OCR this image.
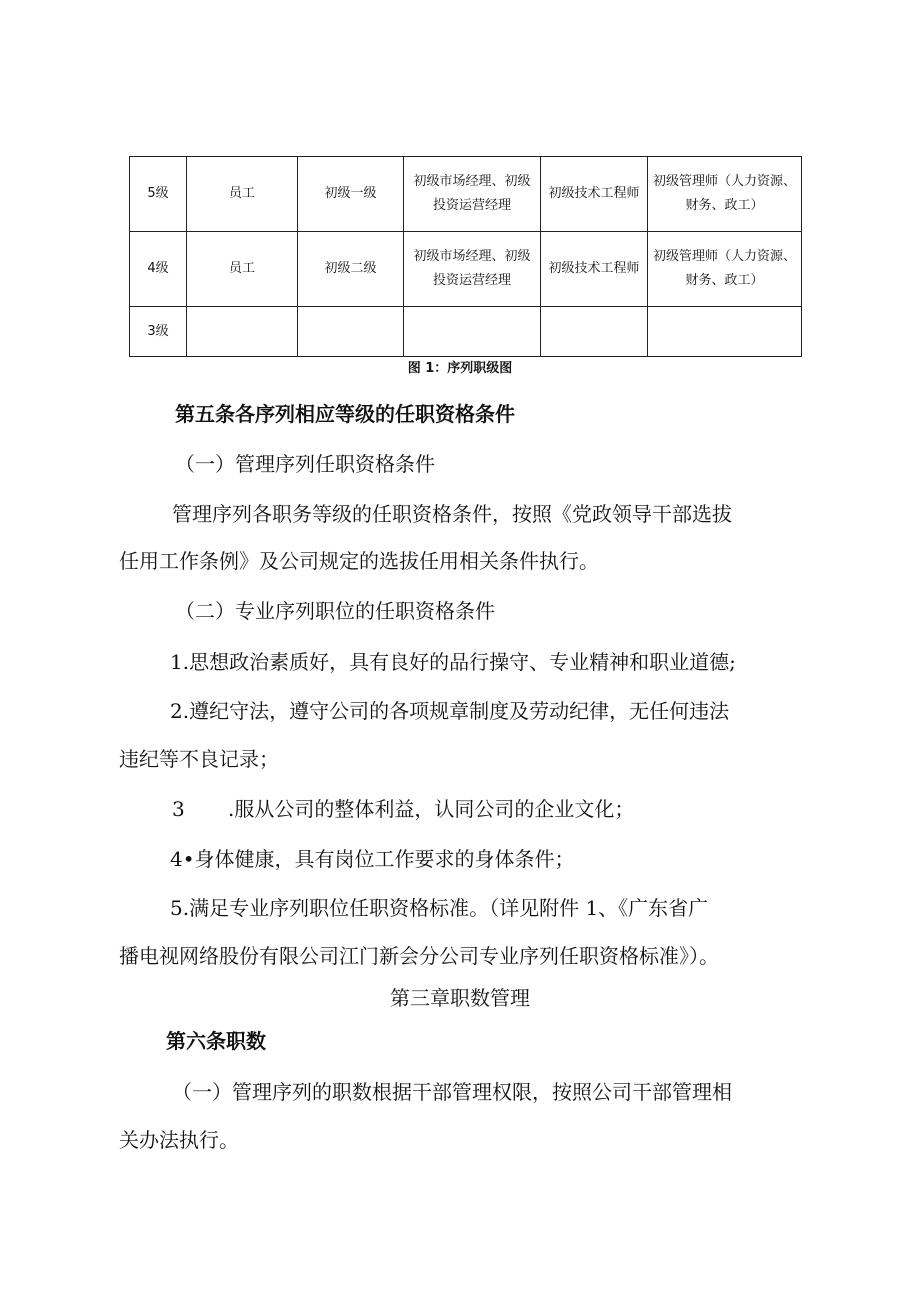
5级	员工	初级一级	初级市场经理、初级投资运营经理	初级技术工程师	初级管理师（人力资源、财务、政工）
4级	员工	初级二级	初级市场经理、初级投资运营经理	初级技术工程师	初级管理师（人力资源、财务、政工）
3级					
图 1：序列职级图
第五条各序列相应等级的任职资格条件
（一）管理序列任职资格条件
管理序列各职务等级的任职资格条件，按照《党政领导干部选拔
任用工作条例》及公司规定的选拔任用相关条件执行。
（二）专业序列职位的任职资格条件
1.思想政治素质好，具有良好的品行操守、专业精神和职业道德;
2.遵纪守法，遵守公司的各项规章制度及劳动纪律，无任何违法
违纪等不良记录；
3 .服从公司的整体利益，认同公司的企业文化；
4•身体健康，具有岗位工作要求的身体条件；
5.满足专业序列职位任职资格标准。（详见附件 1、《广东省广
播电视网络股份有限公司江门新会分公司专业序列任职资格标准》）。
第三章职数管理
第六条职数
（一）管理序列的职数根据干部管理权限，按照公司干部管理相
关办法执行。
